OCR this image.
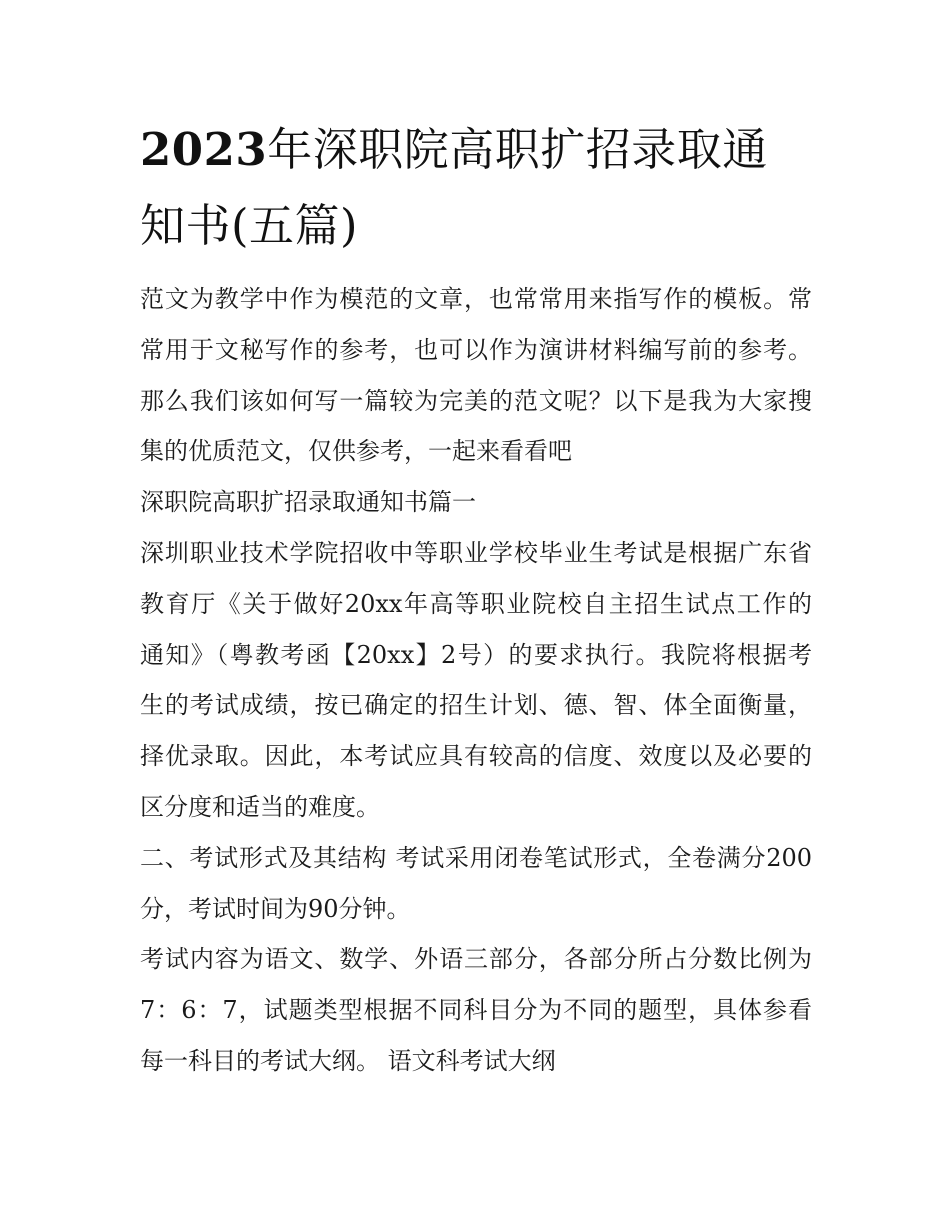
2023年深职院高职扩招录取通
知书(五篇)
范文为教学中作为模范的文章，也常常用来指写作的模板。常
常用于文秘写作的参考，也可以作为演讲材料编写前的参考。
那么我们该如何写一篇较为完美的范文呢？以下是我为大家搜
集的优质范文，仅供参考，一起来看看吧
深职院高职扩招录取通知书篇一
深圳职业技术学院招收中等职业学校毕业生考试是根据广东省
教育厅《关于做好20xx年高等职业院校自主招生试点工作的
通知》（粤教考函【20xx】2号）的要求执行。我院将根据考
生的考试成绩，按已确定的招生计划、德、智、体全面衡量，
择优录取。因此，本考试应具有较高的信度、效度以及必要的
区分度和适当的难度。
二、考试形式及其结构 考试采用闭卷笔试形式，全卷满分200
分，考试时间为90分钟。
考试内容为语文、数学、外语三部分，各部分所占分数比例为
7：6：7，试题类型根据不同科目分为不同的题型，具体参看
每一科目的考试大纲。 语文科考试大纲
